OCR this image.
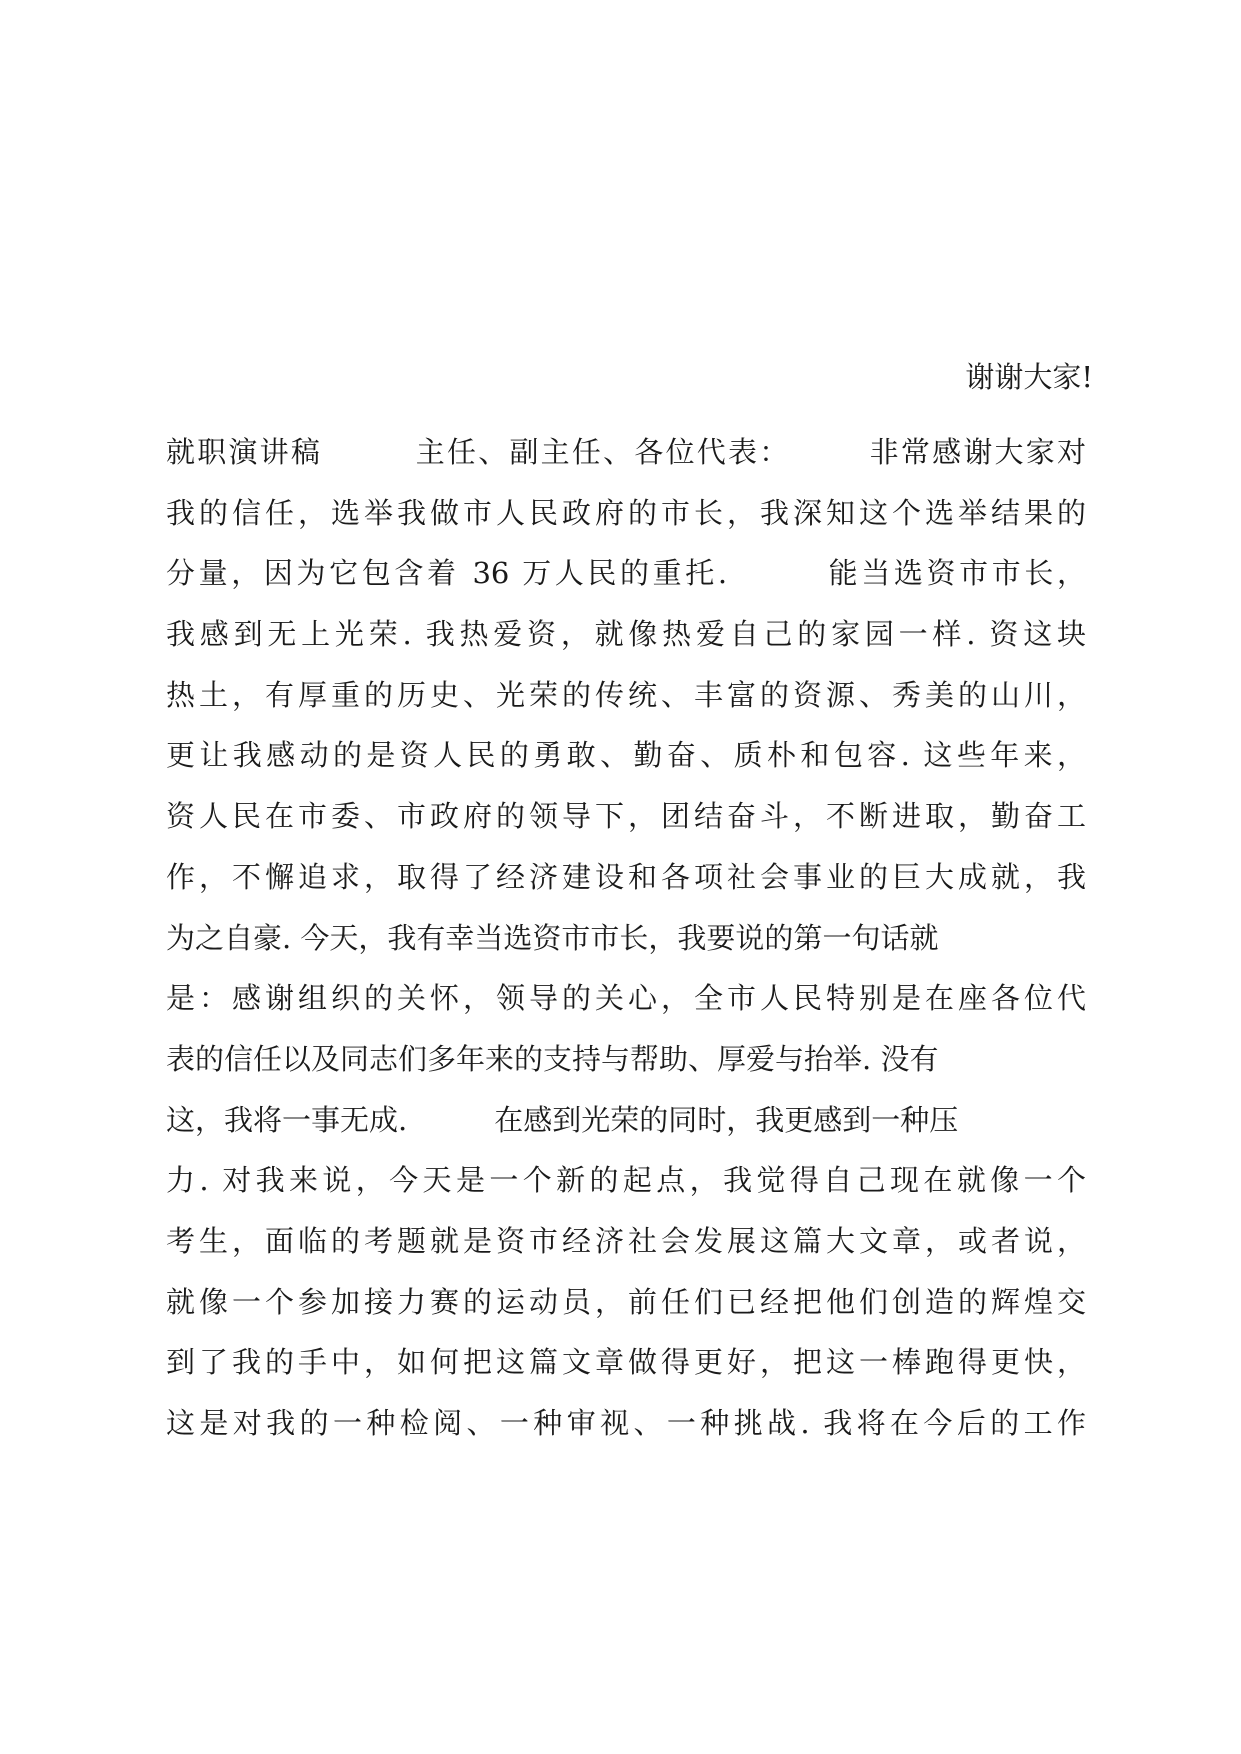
谢谢大家!
就职演讲稿　　　主任、副主任、各位代表：　　　非常感谢大家对
我的信任，选举我做市人民政府的市长，我深知这个选举结果的
分量，因为它包含着 36 万人民的重托.　　　能当选资市市长，
我感到无上光荣. 我热爱资，就像热爱自己的家园一样. 资这块
热土，有厚重的历史、光荣的传统、丰富的资源、秀美的山川，
更让我感动的是资人民的勇敢、勤奋、质朴和包容. 这些年来，
资人民在市委、市政府的领导下，团结奋斗，不断进取，勤奋工
作，不懈追求，取得了经济建设和各项社会事业的巨大成就，我
为之自豪. 今天，我有幸当选资市市长，我要说的第一句话就
是：感谢组织的关怀，领导的关心，全市人民特别是在座各位代
表的信任以及同志们多年来的支持与帮助、厚爱与抬举. 没有
这，我将一事无成.　　　在感到光荣的同时，我更感到一种压
力. 对我来说，今天是一个新的起点，我觉得自己现在就像一个
考生，面临的考题就是资市经济社会发展这篇大文章，或者说，
就像一个参加接力赛的运动员，前任们已经把他们创造的辉煌交
到了我的手中，如何把这篇文章做得更好，把这一棒跑得更快，
这是对我的一种检阅、一种审视、一种挑战. 我将在今后的工作
